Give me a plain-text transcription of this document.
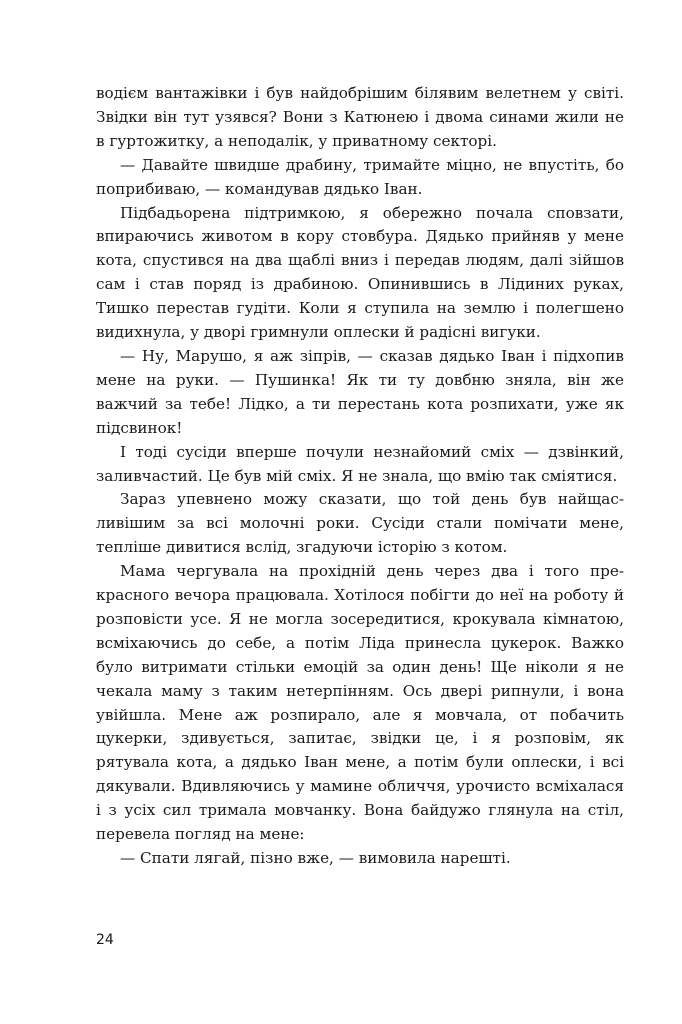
водієм вантажівки і був найдобрішим білявим велетнем у світі. Звідки він тут узявся? Вони з Катюнею і двома синами жили не в гуртожитку, а неподалік, у приватному секторі.

— Давайте швидше драбину, тримайте міцно, не впустіть, бо поприбиваю, — командував дядько Іван.

Підбадьорена підтримкою, я обережно почала сповзати, впираючись животом в кору стовбура. Дядько прийняв у мене кота, спустився на два щаблі вниз і передав людям, далі зійшов сам і став поряд із драбиною. Опинившись в Лідиних руках, Тишко перестав гудіти. Коли я ступила на землю і полегшено видихнула, у дворі гримнули оплески й радісні вигуки.

— Ну, Марушо, я аж зіпрів, — сказав дядько Іван і підхопив мене на руки. — Пушинка! Як ти ту довбню зняла, він же важчий за тебе! Лідко, а ти перестань кота розпихати, уже як підсвинок!

І тоді сусіди вперше почули незнайомий сміх — дзвінкий, заливчастий. Це був мій сміх. Я не знала, що вмію так сміятися.

Зараз упевнено можу сказати, що той день був найщасливішим за всі молочні роки. Сусіди стали помічати мене, тепліше дивитися вслід, згадуючи історію з котом.

Мама чергувала на прохідній день через два і того прекрасного вечора працювала. Хотілося побігти до неї на роботу й розповісти усе. Я не могла зосередитися, крокувала кімнатою, всміхаючись до себе, а потім Ліда принесла цукерок. Важко було витримати стільки емоцій за один день! Ще ніколи я не чекала маму з таким нетерпінням. Ось двері рипнули, і вона увійшла. Мене аж розпирало, але я мовчала, от побачить цукерки, здивується, запитає, звідки це, і я розповім, як рятувала кота, а дядько Іван мене, а потім були оплески, і всі дякували. Вдивляючись у мамине обличчя, урочисто всміхалася і з усіх сил тримала мовчанку. Вона байдужо глянула на стіл, перевела погляд на мене:

— Спати лягай, пізно вже, — вимовила нарешті.

24
